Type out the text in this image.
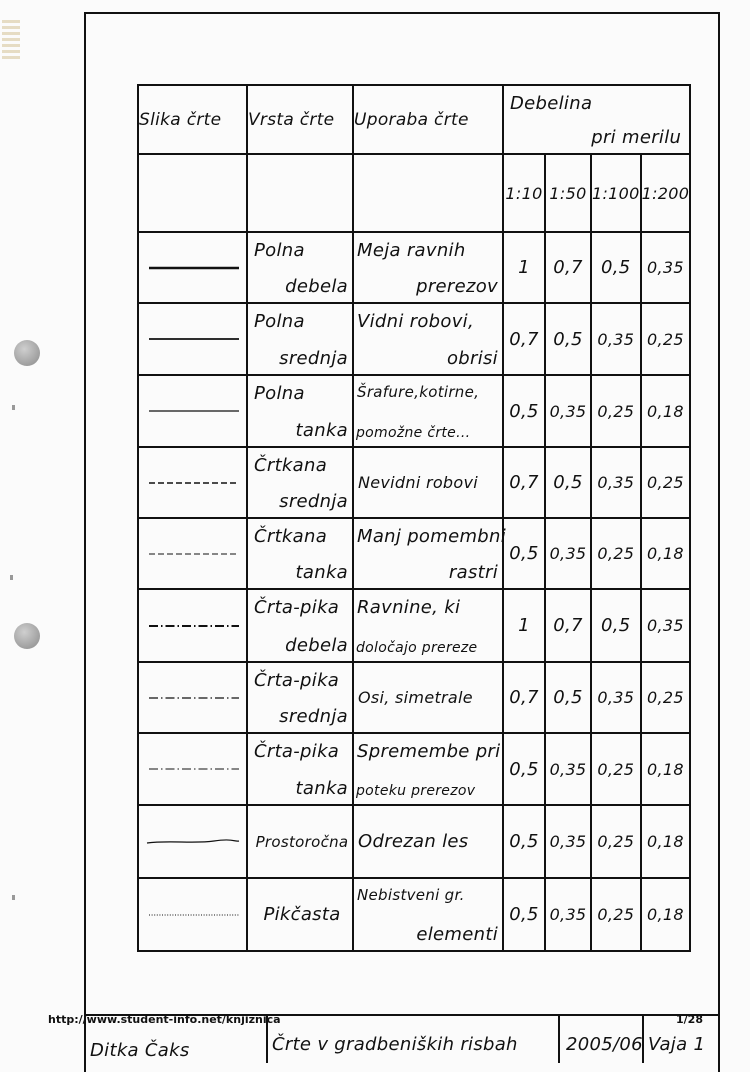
Slika črte	Vrsta črte	Uporaba črte	Debelina
pri merilu			

			1:10	1:50	1:100	1:200

Polna
debela	Meja ravnih
prerezov	1	0,7	0,5	0,35

Polna
srednja	Vidni robovi,
obrisi	0,7	0,5	0,35	0,25

Polna
tanka	Šrafure,kotirne,
pomožne črte...	0,5	0,35	0,25	0,18

Črtkana
srednja	Nevidni robovi	0,7	0,5	0,35	0,25

Črtkana
tanka	Manj pomembni
rastri	0,5	0,35	0,25	0,18

Črta-pika
debela	Ravnine, ki
določajo prereze	1	0,7	0,5	0,35

Črta-pika
srednja	Osi, simetrale	0,7	0,5	0,35	0,25

Črta-pika
tanka	Spremembe pri
poteku prerezov	0,5	0,35	0,25	0,18

Prostoročna	Odrezan les	0,5	0,35	0,25	0,18

Pikčasta	Nebistveni gr.
elementi	0,5	0,35	0,25	0,18
http://www.student-info.net/knjiznica
Ditka Čaks	Črte v gradbeniških risbah	2005/06 Vaja 1
1/28
